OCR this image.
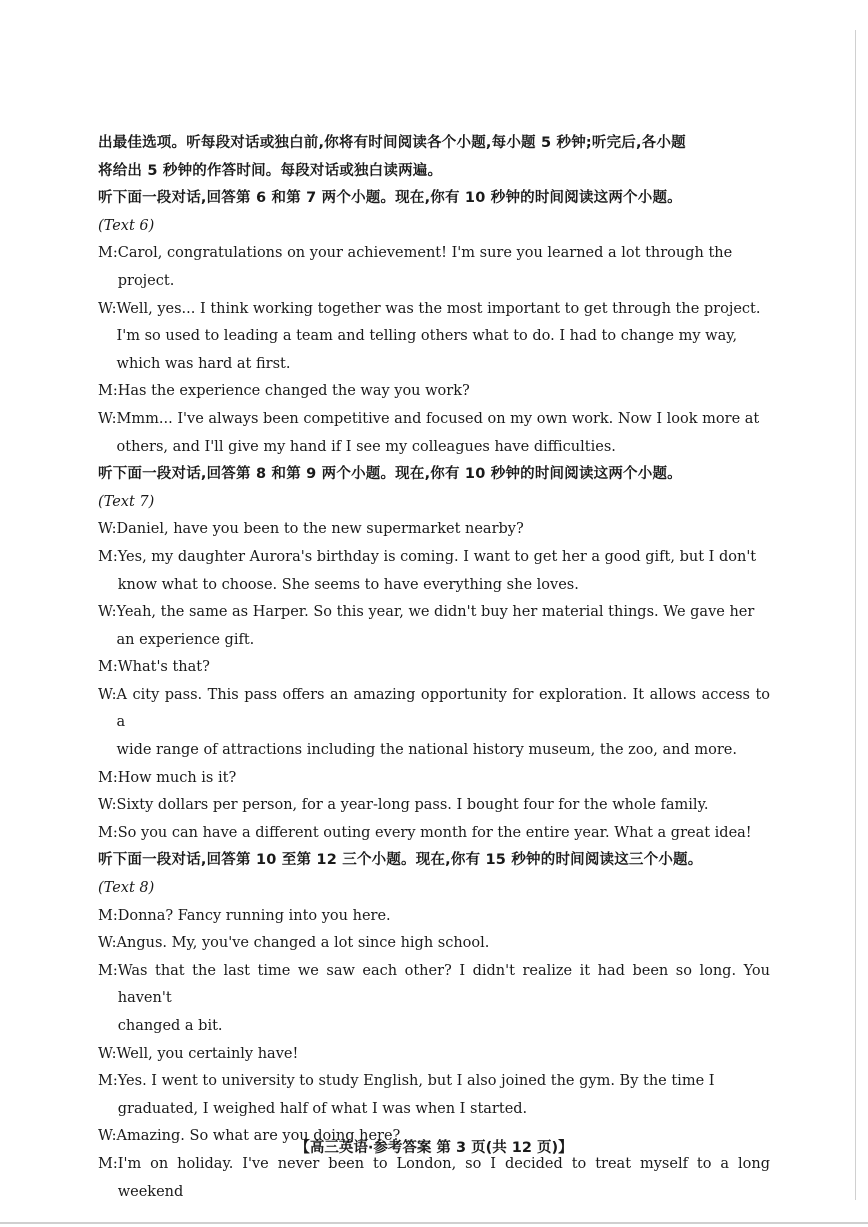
出最佳选项。听每段对话或独白前,你将有时间阅读各个小题,每小题 5 秒钟;听完后,各小题

将给出 5 秒钟的作答时间。每段对话或独白读两遍。

听下面一段对话,回答第 6 和第 7 两个小题。现在,你有 10 秒钟的时间阅读这两个小题。

(Text 6)

M: Carol, congratulations on your achievement! I'm sure you learned a lot through the
project.
W: Well, yes... I think working together was the most important to get through the project.
I'm so used to leading a team and telling others what to do. I had to change my way,
which was hard at first.
M: Has the experience changed the way you work?
W: Mmm... I've always been competitive and focused on my own work. Now I look more at
others, and I'll give my hand if I see my colleagues have difficulties.

听下面一段对话,回答第 8 和第 9 两个小题。现在,你有 10 秒钟的时间阅读这两个小题。

(Text 7)

W: Daniel, have you been to the new supermarket nearby?
M: Yes, my daughter Aurora's birthday is coming. I want to get her a good gift, but I don't
know what to choose. She seems to have everything she loves.
W: Yeah, the same as Harper. So this year, we didn't buy her material things. We gave her
an experience gift.
M: What's that?
W: A city pass. This pass offers an amazing opportunity for exploration. It allows access to a
wide range of attractions including the national history museum, the zoo, and more.
M: How much is it?
W: Sixty dollars per person, for a year-long pass. I bought four for the whole family.
M: So you can have a different outing every month for the entire year. What a great idea!

听下面一段对话,回答第 10 至第 12 三个小题。现在,你有 15 秒钟的时间阅读这三个小题。

(Text 8)

M: Donna? Fancy running into you here.
W: Angus. My, you've changed a lot since high school.
M: Was that the last time we saw each other? I didn't realize it had been so long. You haven't
changed a bit.
W: Well, you certainly have!
M: Yes. I went to university to study English, but I also joined the gym. By the time I
graduated, I weighed half of what I was when I started.
W: Amazing. So what are you doing here?
M: I'm on holiday. I've never been to London, so I decided to treat myself to a long weekend
【高三英语·参考答案 第 3 页(共 12 页)】
